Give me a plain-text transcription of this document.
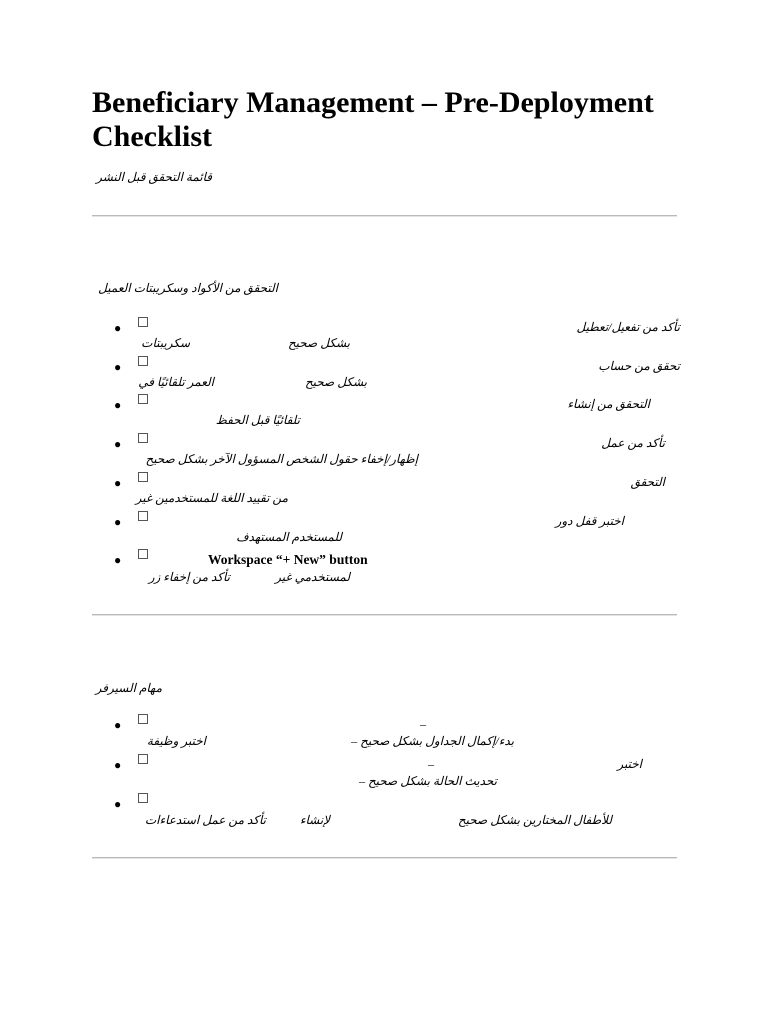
Beneficiary Management – Pre-Deployment Checklist
قائمة التحقق قبل النشر
التحقق من الأكواد وسكريبتات العميل
●	تأكد من تفعيل/تعطيل
بشكل صحيح
سكريبتات
●	تحقق من حساب
بشكل صحيح
العمر تلقائيًا في
●	التحقق من إنشاء
تلقائيًا قبل الحفظ
●	تأكد من عمل
إظهار/إخفاء حقول الشخص المسؤول الآخر بشكل صحيح
●	التحقق
من تقييد اللغة للمستخدمين غير
●	اختبر قفل دور
للمستخدم المستهدف
●	Workspace “+ New” button
لمستخدمي غير
تأكد من إخفاء زر
مهام السيرفر
●	–
بدء/إكمال الجداول بشكل صحيح –
اختبر وظيفة
●	اختبر
–
تحديث الحالة بشكل صحيح –
●
للأطفال المختارين بشكل صحيح
لإنشاء
تأكد من عمل استدعاءات
